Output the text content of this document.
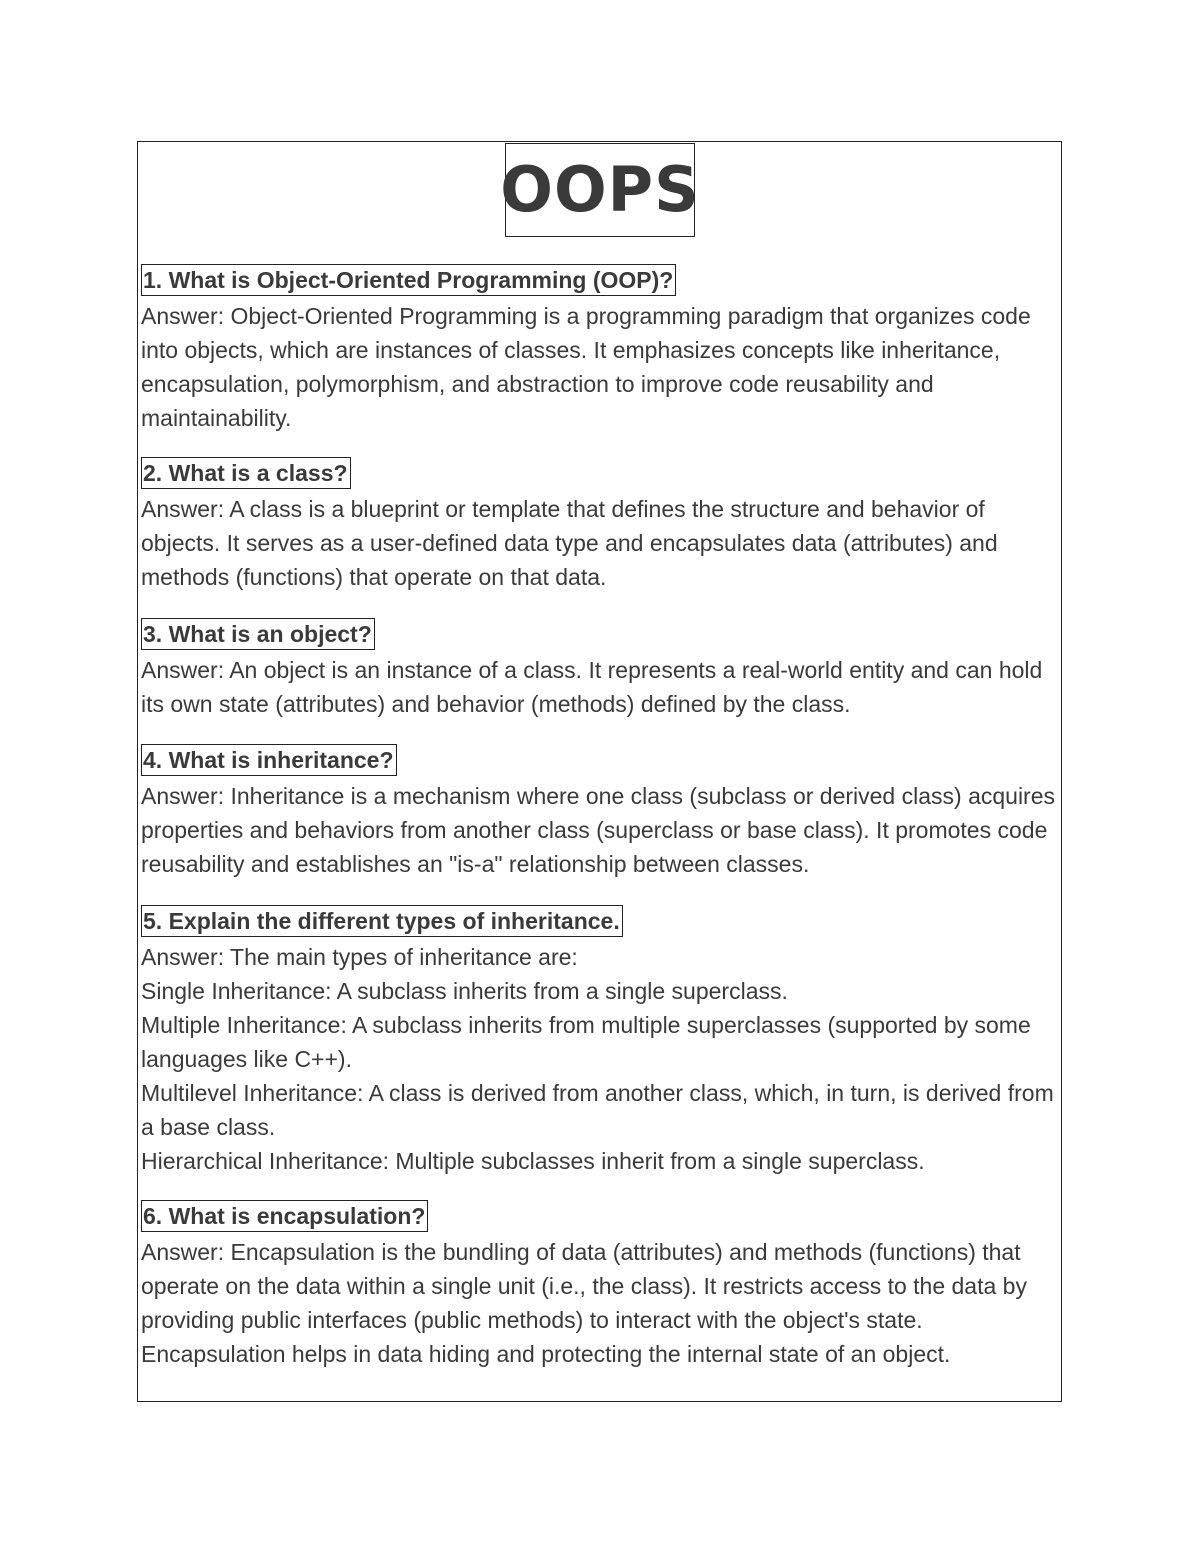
OOPS
1. What is Object-Oriented Programming (OOP)?

Answer: Object-Oriented Programming is a programming paradigm that organizes code into objects, which are instances of classes. It emphasizes concepts like inheritance, encapsulation, polymorphism, and abstraction to improve code reusability and maintainability.

2. What is a class?

Answer: A class is a blueprint or template that defines the structure and behavior of objects. It serves as a user-defined data type and encapsulates data (attributes) and methods (functions) that operate on that data.

3. What is an object?

Answer: An object is an instance of a class. It represents a real-world entity and can hold its own state (attributes) and behavior (methods) defined by the class.

4. What is inheritance?

Answer: Inheritance is a mechanism where one class (subclass or derived class) acquires properties and behaviors from another class (superclass or base class). It promotes code reusability and establishes an "is-a" relationship between classes.

5. Explain the different types of inheritance.

Answer: The main types of inheritance are:

Single Inheritance: A subclass inherits from a single superclass.

Multiple Inheritance: A subclass inherits from multiple superclasses (supported by some languages like C++).

Multilevel Inheritance: A class is derived from another class, which, in turn, is derived from a base class.

Hierarchical Inheritance: Multiple subclasses inherit from a single superclass.

6. What is encapsulation?

Answer: Encapsulation is the bundling of data (attributes) and methods (functions) that operate on the data within a single unit (i.e., the class). It restricts access to the data by providing public interfaces (public methods) to interact with the object's state. Encapsulation helps in data hiding and protecting the internal state of an object.
